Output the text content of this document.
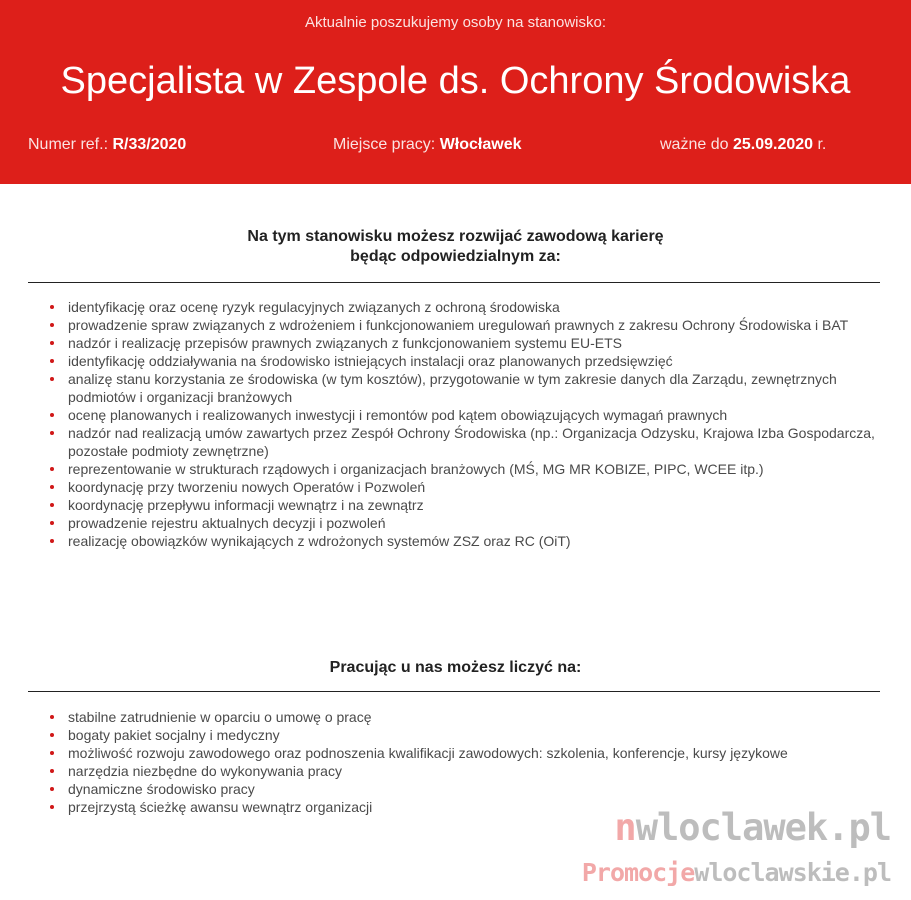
Aktualnie poszukujemy osoby na stanowisko:
Specjalista w Zespole ds. Ochrony Środowiska
Numer ref.: R/33/2020	Miejsce pracy: Włocławek	ważne do 25.09.2020 r.
Na tym stanowisku możesz rozwijać zawodową karierę
będąc odpowiedzialnym za:
identyfikację oraz ocenę ryzyk regulacyjnych związanych z ochroną środowiska
prowadzenie spraw związanych z wdrożeniem i funkcjonowaniem uregulowań prawnych z zakresu Ochrony Środowiska i BAT
nadzór i realizację przepisów prawnych związanych z funkcjonowaniem systemu EU-ETS
identyfikację oddziaływania na środowisko istniejących instalacji oraz planowanych przedsięwzięć
analizę stanu korzystania ze środowiska (w tym kosztów), przygotowanie w tym zakresie danych dla Zarządu, zewnętrznych podmiotów i organizacji branżowych
ocenę planowanych i realizowanych inwestycji i remontów pod kątem obowiązujących wymagań prawnych
nadzór nad realizacją umów zawartych przez Zespół Ochrony Środowiska (np.: Organizacja Odzysku, Krajowa Izba Gospodarcza, pozostałe podmioty zewnętrzne)
reprezentowanie w strukturach rządowych i organizacjach branżowych (MŚ, MG MR KOBIZE, PIPC, WCEE itp.)
koordynację przy tworzeniu nowych Operatów i Pozwoleń
koordynację przepływu informacji wewnątrz i na zewnątrz
prowadzenie rejestru aktualnych decyzji i pozwoleń
realizację obowiązków wynikających z wdrożonych systemów ZSZ oraz RC (OiT)
Pracując u nas możesz liczyć na:
stabilne zatrudnienie w oparciu o umowę o pracę
bogaty pakiet socjalny i medyczny
możliwość rozwoju zawodowego oraz podnoszenia kwalifikacji zawodowych: szkolenia, konferencje, kursy językowe
narzędzia niezbędne do wykonywania pracy
dynamiczne środowisko pracy
przejrzystą ścieżkę awansu wewnątrz organizacji	nwloclawek.pl
Promocjewloclawskie.pl
